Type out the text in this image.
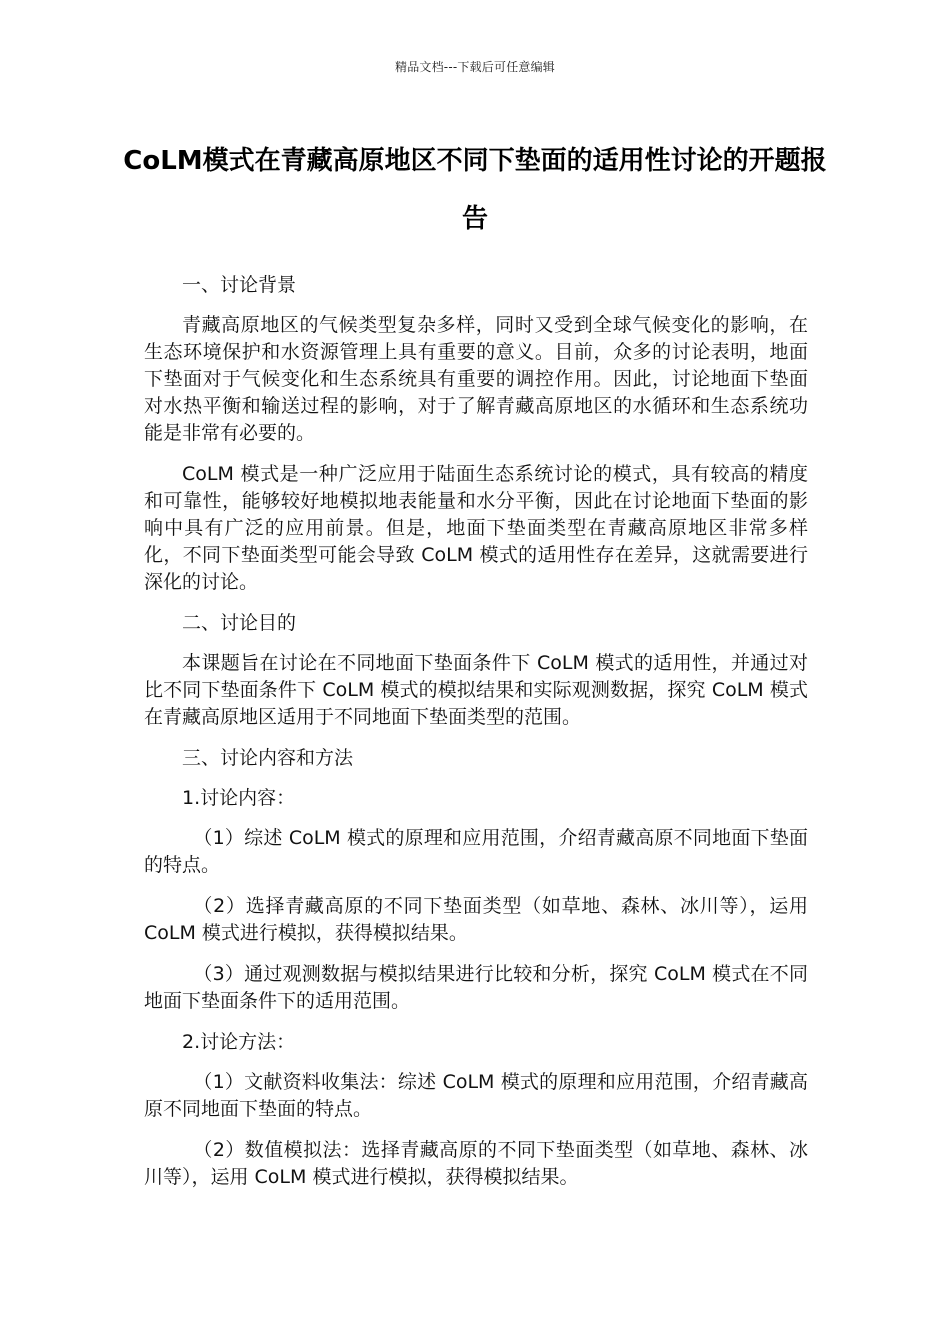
精品文档---下载后可任意编辑
CoLM模式在青藏高原地区不同下垫面的适用性讨论的开题报告

一、讨论背景

青藏高原地区的气候类型复杂多样，同时又受到全球气候变化的影响，在生态环境保护和水资源管理上具有重要的意义。目前，众多的讨论表明，地面下垫面对于气候变化和生态系统具有重要的调控作用。因此，讨论地面下垫面对水热平衡和输送过程的影响，对于了解青藏高原地区的水循环和生态系统功能是非常有必要的。

CoLM 模式是一种广泛应用于陆面生态系统讨论的模式，具有较高的精度和可靠性，能够较好地模拟地表能量和水分平衡，因此在讨论地面下垫面的影响中具有广泛的应用前景。但是，地面下垫面类型在青藏高原地区非常多样化，不同下垫面类型可能会导致 CoLM 模式的适用性存在差异，这就需要进行深化的讨论。

二、讨论目的

本课题旨在讨论在不同地面下垫面条件下 CoLM 模式的适用性，并通过对比不同下垫面条件下 CoLM 模式的模拟结果和实际观测数据，探究 CoLM 模式在青藏高原地区适用于不同地面下垫面类型的范围。

三、讨论内容和方法

1.讨论内容：

（1）综述 CoLM 模式的原理和应用范围，介绍青藏高原不同地面下垫面的特点。

（2）选择青藏高原的不同下垫面类型（如草地、森林、冰川等），运用 CoLM 模式进行模拟，获得模拟结果。

（3）通过观测数据与模拟结果进行比较和分析，探究 CoLM 模式在不同地面下垫面条件下的适用范围。

2.讨论方法：

（1）文献资料收集法：综述 CoLM 模式的原理和应用范围，介绍青藏高原不同地面下垫面的特点。

（2）数值模拟法：选择青藏高原的不同下垫面类型（如草地、森林、冰川等），运用 CoLM 模式进行模拟，获得模拟结果。
